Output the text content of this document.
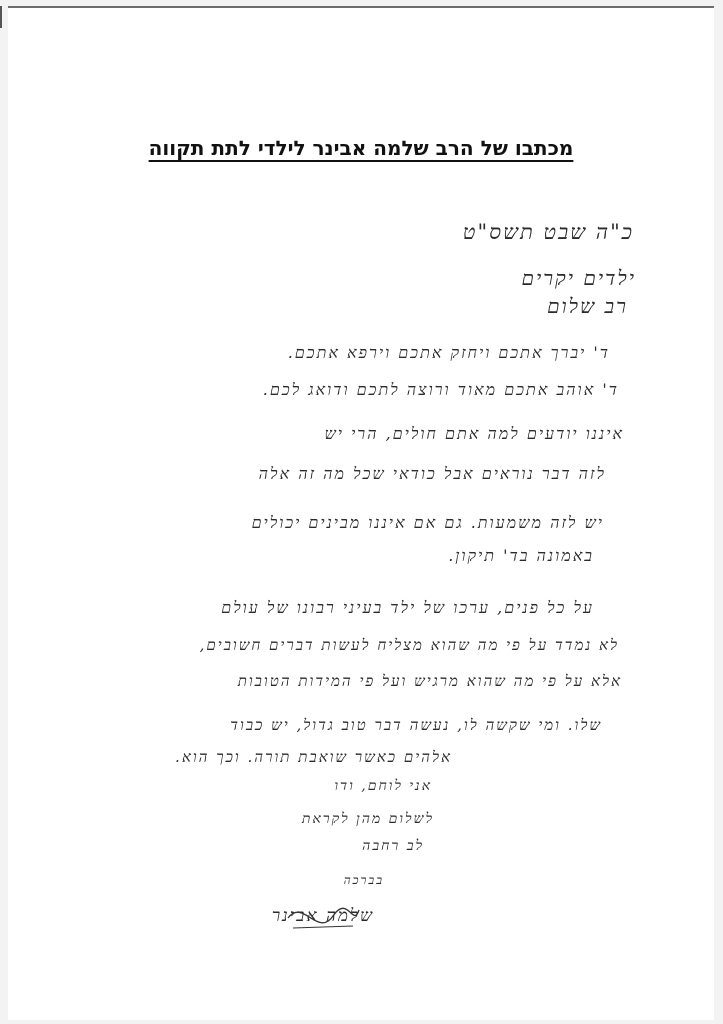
מכתבו של הרב שלמה אבינר לילדי לתת תקווה
כ"ה שבט תשס"ט
ילדים יקרים
רב שלום
ד' יברך אתכם ויחזק אתכם וירפא אתכם.
ד' אוהב אתכם מאוד ורוצה לתכם ודואג לכם.
איננו יודעים למה אתם חולים, הרי יש
לזה דבר נוראים אבל כודאי שכל מה זה אלה
יש לזה משמעות. גם אם איננו מבינים יכולים
באמונה בד' תיקון.
על כל פנים, ערכו של ילד בעיני רבונו של עולם
לא נמדד על פי מה שהוא מצליח לעשות דברים חשובים,
אלא על פי מה שהוא מרגיש ועל פי המידות הטובות
שלו. ומי שקשה לו, נעשה דבר טוב גדול, יש כבוד
אלהים כאשר שואבת תורה. וכך הוא.
אני לוחם, ודו
לשלום מהן לקראת
לב רחבה
בברכה
שלמה אבינר
